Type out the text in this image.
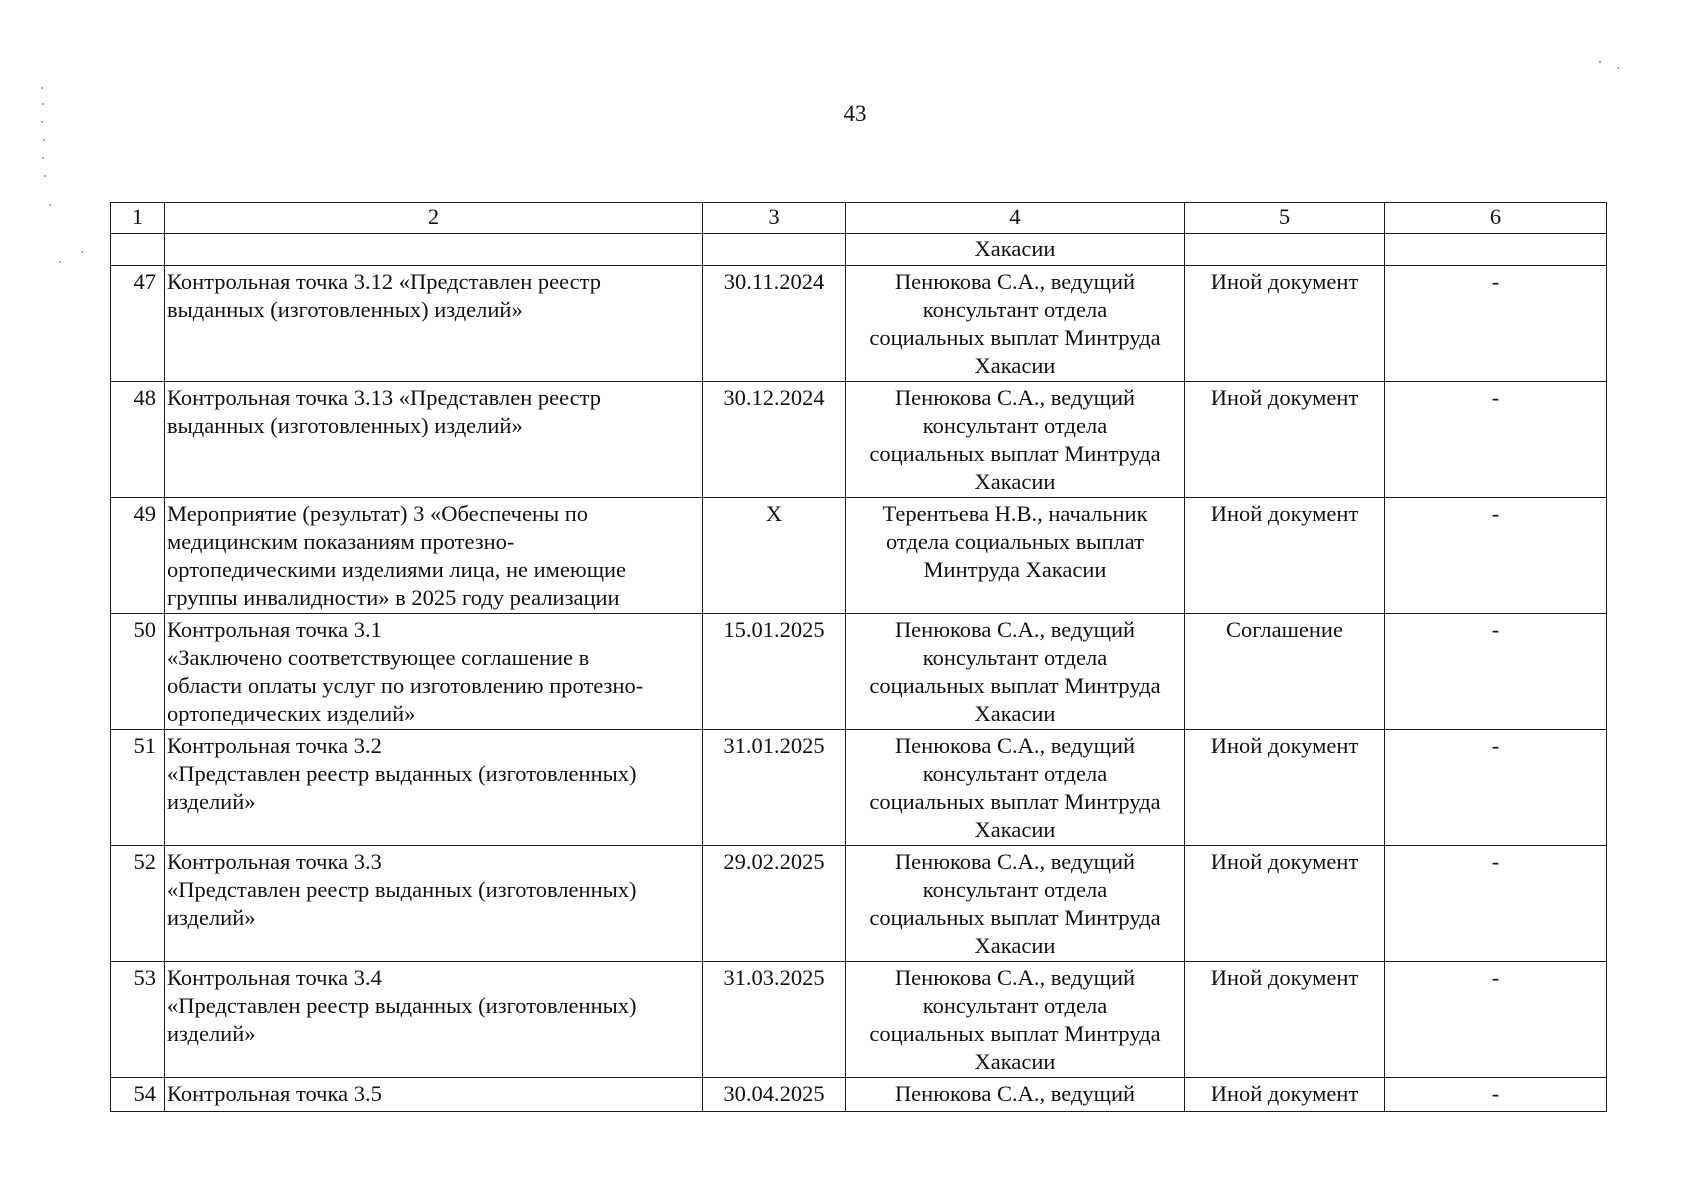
43
1	2	3	4	5	6
			Хакасии		
47	Контрольная точка 3.12 «Представлен реестр
выданных (изготовленных) изделий»	30.11.2024	Пенюкова С.А., ведущий
консультант отдела
социальных выплат Минтруда
Хакасии	Иной документ	-
48	Контрольная точка 3.13 «Представлен реестр
выданных (изготовленных) изделий»	30.12.2024	Пенюкова С.А., ведущий
консультант отдела
социальных выплат Минтруда
Хакасии	Иной документ	-
49	Мероприятие (результат) 3 «Обеспечены по
медицинским показаниям протезно-
ортопедическими изделиями лица, не имеющие
группы инвалидности» в 2025 году реализации	X	Терентьева Н.В., начальник
отдела социальных выплат
Минтруда Хакасии	Иной документ	-
50	Контрольная точка 3.1
«Заключено соответствующее соглашение в
области оплаты услуг по изготовлению протезно-
ортопедических изделий»	15.01.2025	Пенюкова С.А., ведущий
консультант отдела
социальных выплат Минтруда
Хакасии	Соглашение	-
51	Контрольная точка 3.2
«Представлен реестр выданных (изготовленных)
изделий»	31.01.2025	Пенюкова С.А., ведущий
консультант отдела
социальных выплат Минтруда
Хакасии	Иной документ	-
52	Контрольная точка 3.3
«Представлен реестр выданных (изготовленных)
изделий»	29.02.2025	Пенюкова С.А., ведущий
консультант отдела
социальных выплат Минтруда
Хакасии	Иной документ	-
53	Контрольная точка 3.4
«Представлен реестр выданных (изготовленных)
изделий»	31.03.2025	Пенюкова С.А., ведущий
консультант отдела
социальных выплат Минтруда
Хакасии	Иной документ	-
54	Контрольная точка 3.5	30.04.2025	Пенюкова С.А., ведущий	Иной документ	-
